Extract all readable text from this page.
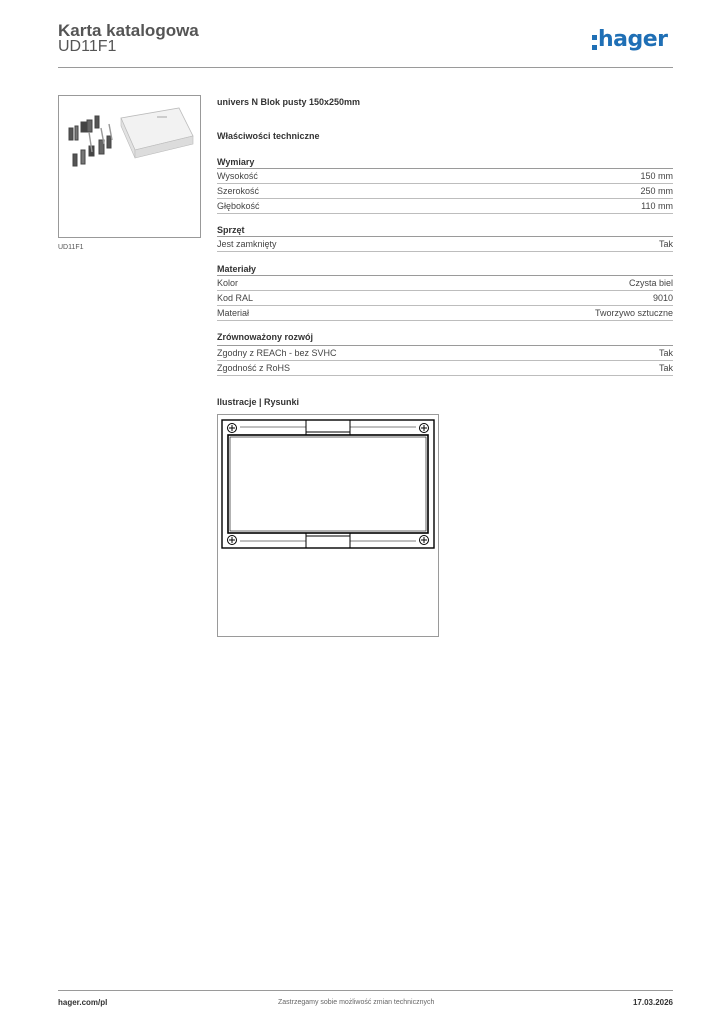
Karta katalogowa
UD11F1	hager
UD11F1
univers N Blok pusty 150x250mm
Właściwości techniczne
Wymiary
Wysokość	150 mm
Szerokość	250 mm
Głębokość	110 mm
Sprzęt
Jest zamknięty	Tak
Materiały
Kolor	Czysta biel
Kod RAL	9010
Materiał	Tworzywo sztuczne
Zrównoważony rozwój
Zgodny z REACh - bez SVHC	Tak
Zgodność z RoHS	Tak
Ilustracje | Rysunki
hager.com/pl	Zastrzegamy sobie możliwość zmian technicznych	17.03.2026
